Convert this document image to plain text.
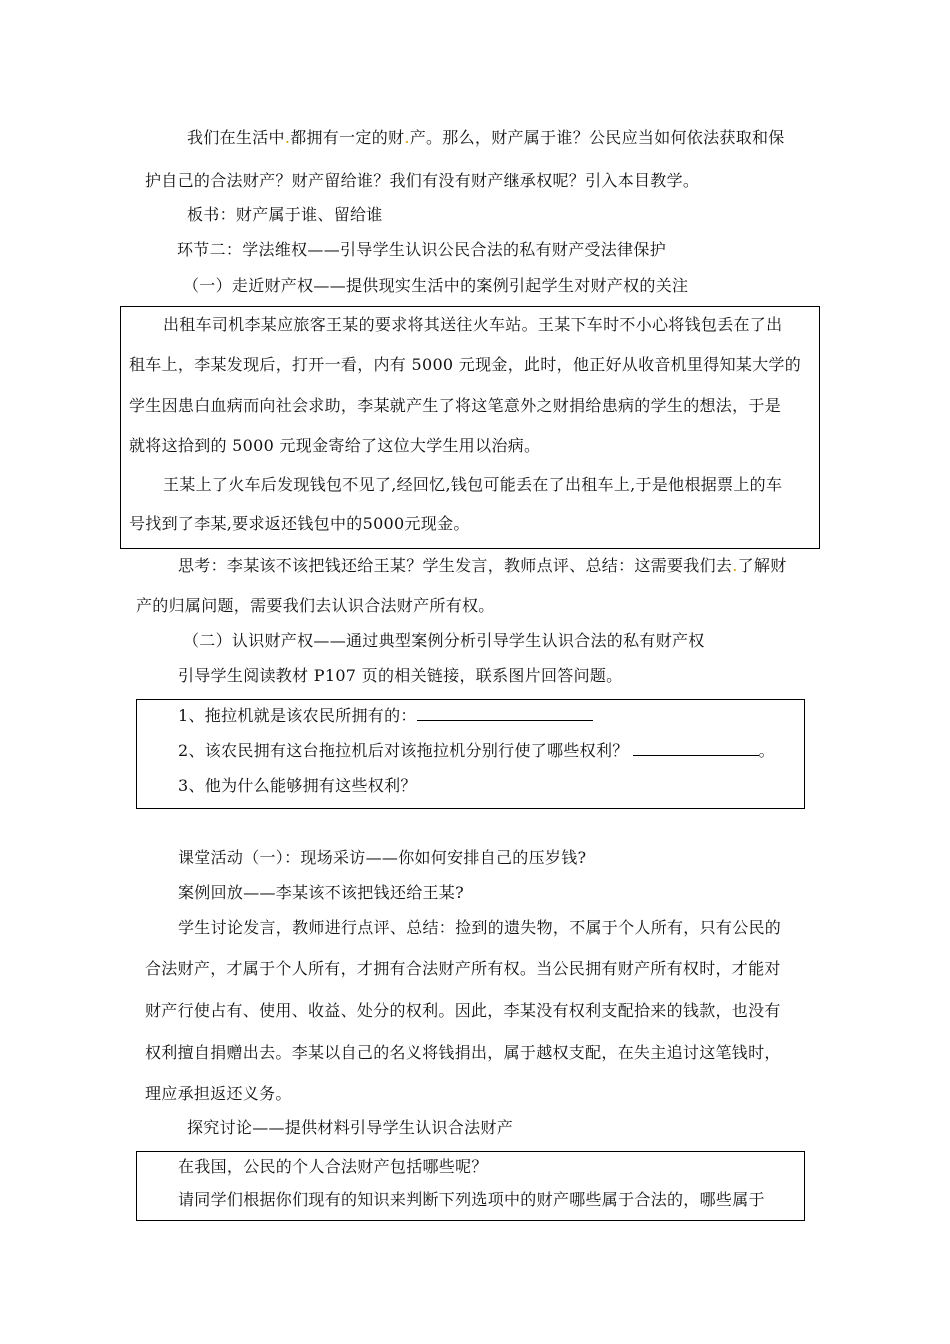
我们在生活中.都拥有一定的财.产。那么，财产属于谁？公民应当如何依法获取和保
护自己的合法财产？财产留给谁？我们有没有财产继承权呢？引入本目教学。
板书：财产属于谁、留给谁
环节二：学法维权——引导学生认识公民合法的私有财产受法律保护
（一）走近财产权——提供现实生活中的案例引起学生对财产权的关注
出租车司机李某应旅客王某的要求将其送往火车站。王某下车时不小心将钱包丢在了出
租车上，李某发现后，打开一看，内有 5000 元现金，此时，他正好从收音机里得知某大学的
学生因患白血病而向社会求助，李某就产生了将这笔意外之财捐给患病的学生的想法，于是
就将这拾到的 5000 元现金寄给了这位大学生用以治病。
王某上了火车后发现钱包不见了,经回忆,钱包可能丢在了出租车上,于是他根据票上的车
号找到了李某,要求返还钱包中的5000元现金。
思考：李某该不该把钱还给王某？学生发言，教师点评、总结：这需要我们去.了解财
产的归属问题，需要我们去认识合法财产所有权。
（二）认识财产权——通过典型案例分析引导学生认识合法的私有财产权
引导学生阅读教材 P107 页的相关链接，联系图片回答问题。
1、拖拉机就是该农民所拥有的：
2、该农民拥有这台拖拉机后对该拖拉机分别行使了哪些权利？	。
3、他为什么能够拥有这些权利？
课堂活动（一）：现场采访——你如何安排自己的压岁钱?
案例回放——李某该不该把钱还给王某?
学生讨论发言，教师进行点评、总结：捡到的遗失物，不属于个人所有，只有公民的
合法财产，才属于个人所有，才拥有合法财产所有权。当公民拥有财产所有权时，才能对
财产行使占有、使用、收益、处分的权利。因此，李某没有权利支配拾来的钱款，也没有
权利擅自捐赠出去。李某以自己的名义将钱捐出，属于越权支配，在失主追讨这笔钱时，
理应承担返还义务。
探究讨论——提供材料引导学生认识合法财产
在我国，公民的个人合法财产包括哪些呢？
请同学们根据你们现有的知识来判断下列选项中的财产哪些属于合法的，哪些属于
